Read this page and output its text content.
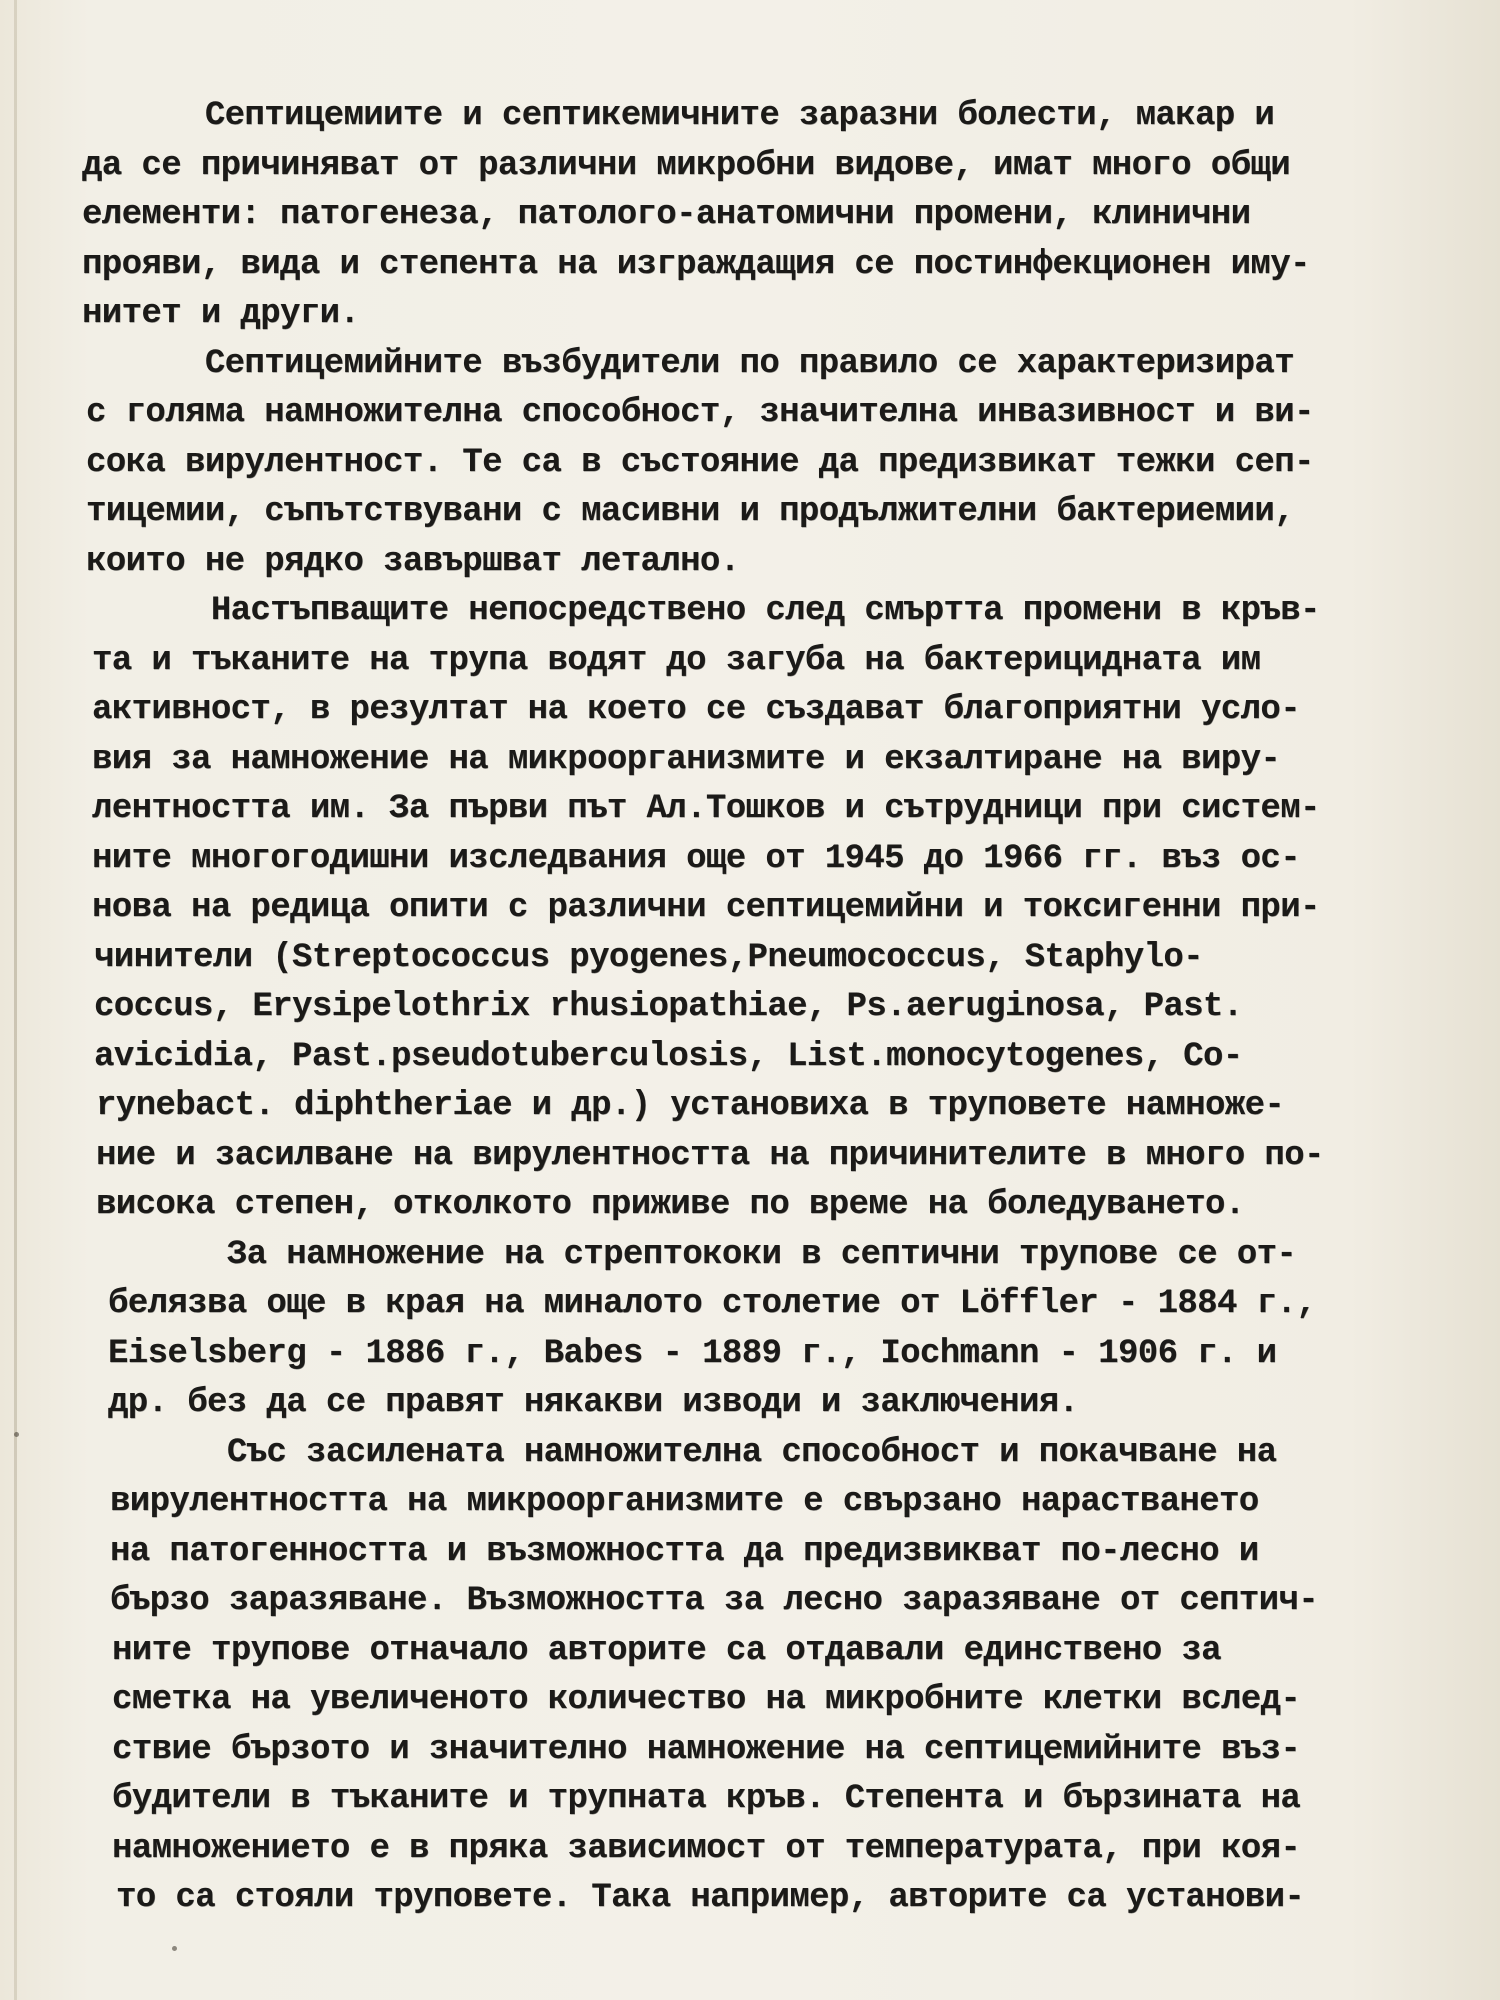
Септицемиите и септикемичните заразни болести, макар и
да се причиняват от различни микробни видове, имат много общи
елементи: патогенеза, патолого-анатомични промени, клинични
прояви, вида и степента на изграждащия се постинфекционен иму-
нитет и други.
Септицемийните възбудители по правило се характеризират
с голяма намножителна способност, значителна инвазивност и ви-
сока вирулентност. Те са в състояние да предизвикат тежки сеп-
тицемии, съпътствувани с масивни и продължителни бактериемии,
които не рядко завършват летално.
Настъпващите непосредствено след смъртта промени в кръв-
та и тъканите на трупа водят до загуба на бактерицидната им
активност, в резултат на което се създават благоприятни усло-
вия за намножение на микроорганизмите и екзалтиране на виру-
лентността им. За първи път Ал.Тошков и сътрудници при систем-
ните многогодишни изследвания още от 1945 до 1966 гг. въз ос-
нова на редица опити с различни септицемийни и токсигенни при-
чинители (Streptococcus pyogenes,Pneumococcus, Staphylo-
coccus, Erysipelothrix rhusiopathiae, Ps.aeruginosa, Past.
avicidia, Past.pseudotuberculosis, List.monocytogenes, Co-
rynebact. diphtheriae и др.) установиха в труповете намноже-
ние и засилване на вирулентността на причинителите в много по-
висока степен, отколкото приживе по време на боледуването.
За намножение на стрептококи в септични трупове се от-
белязва още в края на миналото столетие от Löffler - 1884 г.,
Eiselsberg - 1886 г., Babes - 1889 г., Iochmann - 1906 г. и
др. без да се правят някакви изводи и заключения.
Със засилената намножителна способност и покачване на
вирулентността на микроорганизмите е свързано нарастването
на патогенността и възможността да предизвикват по-лесно и
бързо заразяване. Възможността за лесно заразяване от септич-
ните трупове отначало авторите са отдавали единствено за
сметка на увеличеното количество на микробните клетки вслед-
ствие бързото и значително намножение на септицемийните въз-
будители в тъканите и трупната кръв. Степента и бързината на
намножението е в пряка зависимост от температурата, при коя-
то са стояли труповете. Така например, авторите са установи-
